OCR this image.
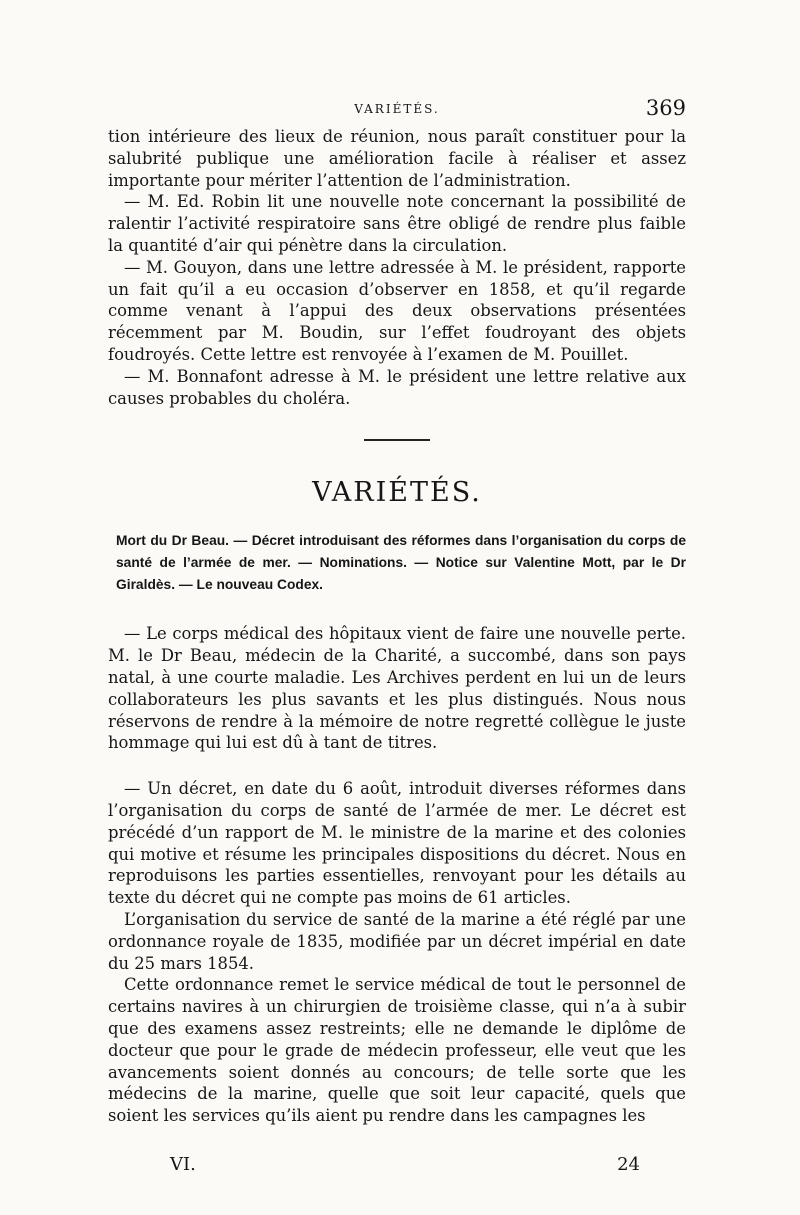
VARIÉTÉS.	369

tion intérieure des lieux de réunion, nous paraît constituer pour la salubrité publique une amélioration facile à réaliser et assez importante pour mériter l’attention de l’administration.

— M. Ed. Robin lit une nouvelle note concernant la possibilité de ralentir l’activité respiratoire sans être obligé de rendre plus faible la quantité d’air qui pénètre dans la circulation.

— M. Gouyon, dans une lettre adressée à M. le président, rapporte un fait qu’il a eu occasion d’observer en 1858, et qu’il regarde comme venant à l’appui des deux observations présentées récemment par M. Boudin, sur l’effet foudroyant des objets foudroyés. Cette lettre est renvoyée à l’examen de M. Pouillet.

— M. Bonnafont adresse à M. le président une lettre relative aux causes probables du choléra.

VARIÉTÉS.

Mort du Dr Beau. — Décret introduisant des réformes dans l’organisation du corps de santé de l’armée de mer. — Nominations. — Notice sur Valentine Mott, par le Dr Giraldès. — Le nouveau Codex.

— Le corps médical des hôpitaux vient de faire une nouvelle perte. M. le Dr Beau, médecin de la Charité, a succombé, dans son pays natal, à une courte maladie. Les Archives perdent en lui un de leurs collaborateurs les plus savants et les plus distingués. Nous nous réservons de rendre à la mémoire de notre regretté collègue le juste hommage qui lui est dû à tant de titres.

— Un décret, en date du 6 août, introduit diverses réformes dans l’organisation du corps de santé de l’armée de mer. Le décret est précédé d’un rapport de M. le ministre de la marine et des colonies qui motive et résume les principales dispositions du décret. Nous en reproduisons les parties essentielles, renvoyant pour les détails au texte du décret qui ne compte pas moins de 61 articles.

L’organisation du service de santé de la marine a été réglé par une ordonnance royale de 1835, modifiée par un décret impérial en date du 25 mars 1854.

Cette ordonnance remet le service médical de tout le personnel de certains navires à un chirurgien de troisième classe, qui n’a à subir que des examens assez restreints; elle ne demande le diplôme de docteur que pour le grade de médecin professeur, elle veut que les avancements soient donnés au concours; de telle sorte que les médecins de la marine, quelle que soit leur capacité, quels que soient les services qu’ils aient pu rendre dans les campagnes les

VI.	24
